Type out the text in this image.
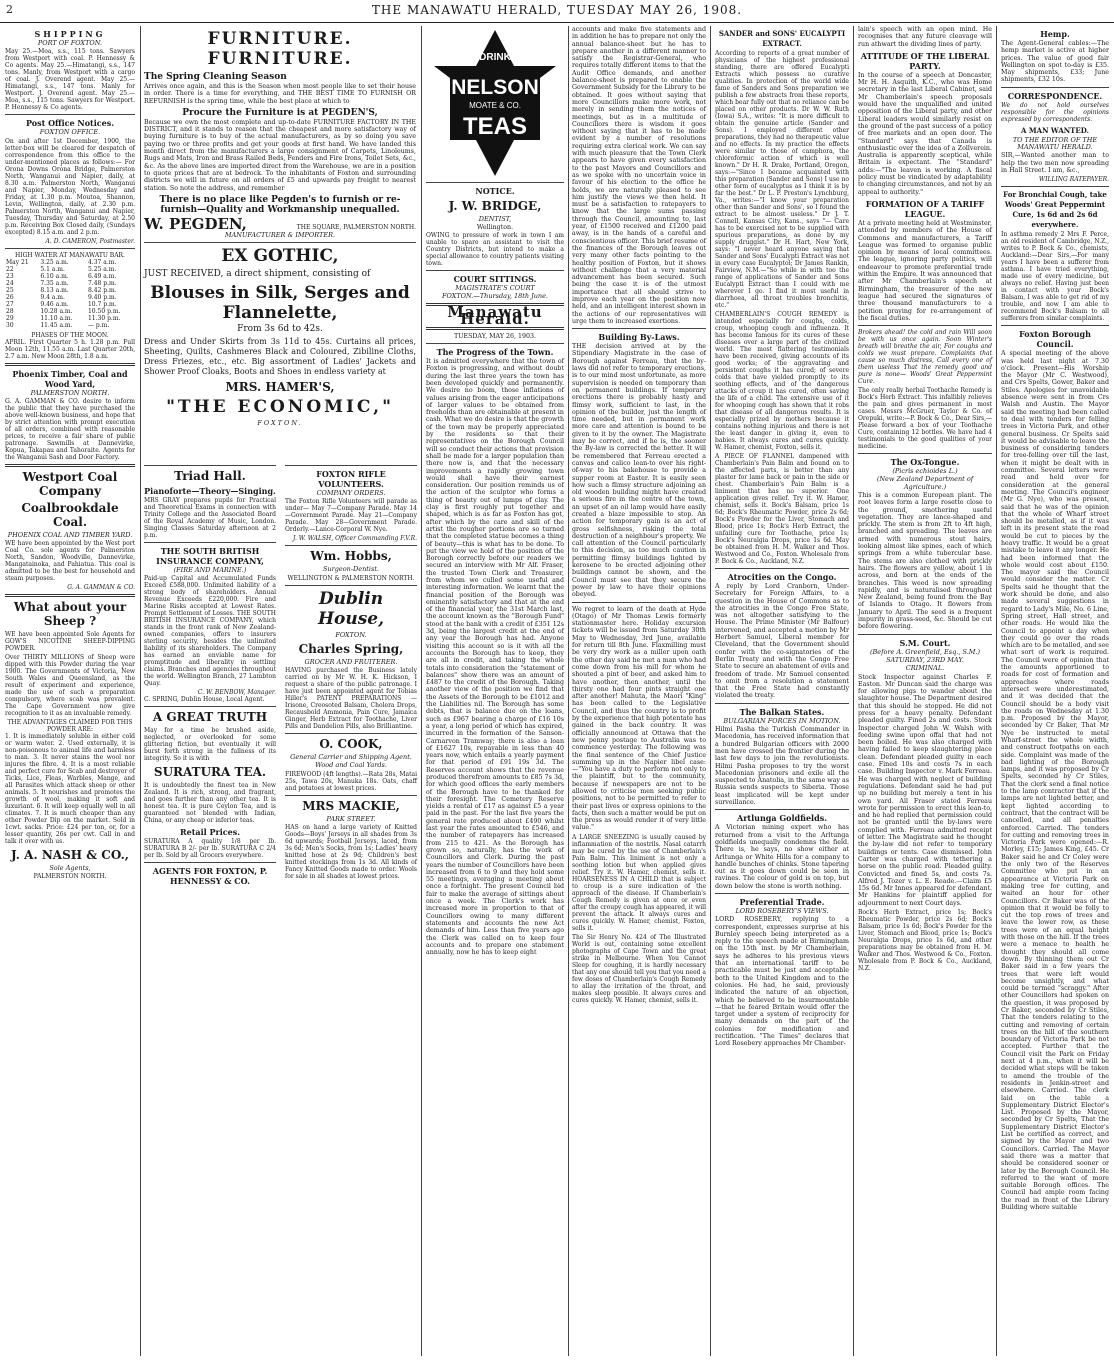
2	THE MANAWATU HERALD, TUESDAY MAY 26, 1908.
SHIPPING
PORT OF FOXTON.
May 25.—Moa, s.s., 115 tons. Sawyers from Westport with coal. P. Hennessy & Co agents. May 25.—Himatangi, s.s., 147 tons. Manly, from Westport with a cargo of coal. J. Overend agent. May 25.—Himatangi, s.s., 147 tons. Manly for Westport. J. Overend agent. May 25.—Moa, s.s., 115 tons. Sawyers for Westport. P. Hennessy & Co agents.
Post Office Notices.
FOXTON OFFICE.
On and after 1st December, 1900, the letter-box will be cleared for despatch of correspondence from this office to the under-mentioned places as follows:— For Orona Downs Orona Bridge, Palmerston North, Wanganui and Napier, daily, at 8.30 a.m. Palmerston North, Wanganui and Napier, Monday, Wednesday and Friday, at 1.30 p.m. Moutoa, Shannon, Levin, Wellington, daily, at 2.30 p.m. Palmerston North, Wanganui and Napier, Tuesday, Thursday and Saturday, at 2.50 p.m. Receiving Box Closed daily, (Sundays excepted) 8.15 a.m. and 2 p.m.
A. D. CAMERON, Postmaster.
HIGH WATER AT MANAWATU BAR.
May 21	3.25 a.m.	4.37 a.m.
22	5.1 a.m.	5.25 a.m.
23	6.10 a.m.	6.49 a.m.
24	7.35 a.m.	7.48 p.m.
25	8.13 a.m.	8.42 p.m.
26	9.4 a.m.	9.40 p.m.
27	9.46 a.m.	10.7 p.m.
28	10.28 a.m.	10.50 p.m.
29	11.10 a.m.	11.30 p.m.
30	11.45 a.m.	— p.m.
PHASES OF THE MOON.
APRIL. First Quarter 5 h. 1.28 p.m. Full Moon 12th, 11.55 a.m. Last Quarter 20th, 2.7 a.m. New Moon 28th, 1.8 a.m.
Phoenix Timber, Coal and Wood Yard,
PALMERSTON NORTH.
G. A. GAMMAN & CO. desire to inform the public that they have purchased the above well-known business, and hope that by strict attention with prompt execution of all orders, combined with reasonable prices, to receive a fair share of public patronage. Sawmills at Dannevirke, Kopua, Takapau and Tahoraite. Agents for the Wanganui Sash and Door Factory.
Westport Coal Company
Coalbrookdale Coal.
PHOENIX COAL AND TIMBER YARD.
WE have been appointed by the West port Coal Co. sole agents for Palmerston North, Sandon, Woodville, Dannevirke, Mangatainoka, and Pahiatua. This coal is admitted to be the best for household and steam purposes.
G. A. GAMMAN & CO.
What about your Sheep ?
WE have been appointed Sole Agents for GOW'S NICOTINE SHEEP-DIPPING POWDER.
Over THIRTY MILLIONS of Sheep were dipped with this Powder during the year 1900. The Governments of Victoria, New South Wales and Queensland, as the result of experiment and experience, made the use of such a preparation compulsory, where scab was prevalent. The Cape Government now give recognition to it as an invaluable remedy.
THE ADVANTAGES CLAIMED FOR THIS POWDER ARE:
1. It is immediately soluble in either cold or warm water. 2. Used externally, it is non-poisonous to animal life and harmless to man. 3. It never stains the wool nor injures the fibre. 4. It is a most reliable and perfect cure for Scab and destroyer of Ticks, Lice, Fleas, Warbles, Mange, and all Parasites which attack sheep or other animals. 5. It nourishes and promotes the growth of wool, making it soft and luxuriant. 6. It will keep equally well in all climates. 7. It is much cheaper than any other Powder Dip on the market. Sold in 1cwt. sacks. Price: £24 per ton, or, for a lesser quantity, 26s per cwt. Call in and talk it over with us.
J. A. NASH & CO.,
Sole Agents,
PALMERSTON NORTH.
FURNITURE. FURNITURE.
The Spring Cleaning Season
Arrives once again, and this is the Season when most people like to set their house in order. There is a time for everything, and THE BEST TIME TO FURNISH OR REFURNISH is the spring time, while the best place at which to
Procure the Furniture is at PEGDEN'S,
Because we own the most complete and up-to-date FURNITURE FACTORY IN THE DISTRICT, and it stands to reason that the cheapest and more satisfactory way of buying furniture is to buy of the actual manufacturers, as by so doing you save paying two or three profits and get your goods at first hand. We have landed this month direct from the manufacturers a large consignment of Carpets, Linoleums, Rugs and Mats, Iron and Brass Railed Beds, Fenders and Fire Irons, Toilet Sets, &c., &c. As the above lines are imported direct from the Warehouse, we are in a position to quote prices that are at bedrock. To the inhabitants of Foxton and surrounding districts we will in future on all orders of £5 and upwards pay freight to nearest station. So note the address, and remember
There is no place like Pegden's to furnish or re-furnish—Quality and Workmanship unequalled.
W. PEGDEN,	THE SQUARE, PALMERSTON NORTH.
MANUFACTURER & IMPORTER.
EX GOTHIC,
JUST RECEIVED, a direct shipment, consisting of
Blouses in Silk, Serges and Flannelette,
From 3s 6d to 42s.
Dress and Under Skirts from 3s 11d to 45s. Curtains all prices, Sheeting, Quilts, Cashmeres Black and Coloured, Zibiline Cloths, Dress Friezes, etc., etc. Big assortment of Ladies' Jackets and Shower Proof Cloaks, Boots and Shoes in endless variety at
MRS. HAMER'S,
"THE ECONOMIC,"
FOXTON.
Triad Hall.
Pianoforte—Theory—Singing.
MRS GRAY prepares pupils for Practical and Theoretical Exams in connection with Trinity College and the Associated Board of the Royal Academy of Music, London. Singing Classes Saturday afternoon at 2 p.m.
THE SOUTH BRITISH INSURANCE COMPANY,
(FIRE AND MARINE.)
Paid-up Capital and Accumulated Funds Exceed £588,000. Unlimited liability of a strong body of shareholders. Annual Revenue Exceeds £220,000. Fire and Marine Risks accepted at Lowest Rates. Prompt Settlement of Losses. THE SOUTH BRITISH INSURANCE COMPANY, which stands in the front rank of New Zealand-owned companies, offers to insurers sterling security, besides the unlimited liability of its shareholders. The Company has earned an enviable name for promptitude and liberality in settling claims. Branches and agencies throughout the world. Wellington Branch, 27 Lambton Quay.
C. W. BENBOW, Manager.
C. SPRING, Dublin House, Local Agent.
A GREAT TRUTH
May for a time be brushed aside, neglected, or overlooked for some glittering fiction, but eventually it will burst forth strong in the fullness of its integrity. So it is with
SURATURA TEA.
It is undoubtedly the finest tea in New Zealand. It is rich, strong, and fragrant, and goes further than any other tea. It is honest tea. It is pure Ceylon Tea, and is guaranteed not blended with Indian, China, or any cheap or inferior teas.
Retail Prices.
SURATURA A quality 1/8 per lb. SURATURA B 2/- per lb. SURATURA C 2/4 per lb. Sold by all Grocers everywhere.
AGENTS FOR FOXTON, P. HENNESSY & CO.
FOXTON RIFLE VOLUNTEERS.
COMPANY ORDERS.
The Foxton Rifle Volunteers will parade as under— May 7—Company Parade. May 14—Government Parade. May 21—Company Parade. May 28—Government Parade. Orderly.—Lance-Corporal W. Nye.
J. W. WALSH, Officer Commanding F.V.R.
Wm. Hobbs,
Surgeon-Dentist.
WELLINGTON & PALMERSTON NORTH.
Dublin House,
FOXTON.
Charles Spring,
GROCER AND FRUITERER.
HAVING purchased the Business lately carried on by Mr W. H. K. Hickson, I request a share of the public patronage. I have just been appointed agent for Tobias Hiller's PATENT PREPARATIONS — Irisone, Creosoted Balsam, Cholera Drops, Recausbold Ammonia, Pain Cure, Jamaica Ginger, Herb Extract for Toothache, Liver Pills and Dandelion Pills, also Brilliantine.
O. COOK,
General Carrier and Shipping Agent.
Wood and Coal Yards.
FIREWOOD (4ft lengths).—Rata 28s, Matai 25s, Tawa 20s, Manuka 18s. Oats, chaff and potatoes at lowest prices.
MRS MACKIE,
PARK STREET.
HAS on hand a large variety of Knitted Goods—Boys' Jerseys in all shades from 3s 6d upwards; Football Jerseys, laced, from 3s 6d; Men's Socks, from 1s; Ladies' heavy knitted hose at 2s 9d; Children's best knitted stockings from 1s 3d. All kinds of Fancy Knitted Goods made to order. Wools for sale in all shades at lowest prices.
DRINK
NELSON
MOATE & CO.
TEAS
NOTICE.
J. W. BRIDGE,
DENTIST,
Wellington.
OWING to pressure of work in town I am unable to spare an assistant to visit the Country Districts, but intend to make a special allowance to country patients visiting town.
COURT SITTINGS.
MAGISTRATE'S COURT
FOXTON.—Thursday, 18th June.
Manawatu Herald.
TUESDAY, MAY 26, 1903.
The Progress of the Town.
It is admitted everywhere that the town of Foxton is progressing, and without doubt during the last three years the town has been developed quickly and permanently. We desire no boom, those inflations of values arising from the eager anticipations of larger values to be obtained from freeholds than are obtainable at present in cash. What we do desire is that the growth of the town may be properly appreciated by the residents so that their representatives on the Borough Council will so conduct their actions that provision shall be made for a larger population than there now is, and that the necessary improvements a rapidly growing town would shall have their earnest consideration. Our position reminds us of the action of the sculptor who forms a thing of beauty out of lumps of clay. The clay is first roughly put together and shaped, which is as far as Foxton has got, after which by the care and skill of the artist the rougher portions are so turned that the completed statue becomes a thing of beauty—this is what has to be done. To put the view we hold of the position of the Borough correctly before our readers we secured an interview with Mr Alf. Fraser, the trusted Town Clerk and Treasurer, from whom we culled some useful and interesting information. We learnt that the financial position of the Borough was eminently satisfactory and that at the end of the financial year, the 31st March last, the account known as the "Borough Fund" stood at the bank with a credit of £351 12s 3d, being the largest credit at the end of any year the Borough has had. Anyone visiting this account so is it with all the accounts the Borough has to keep, they are all in credit, and taking the whole totals into consideration the "statement of balances" show there was an amount of £487 to the credit of the Borough. Taking another view of the position we find that the Assets of the Borough to be £1012 and the Liabilities nil. The Borough has some debts, that is balance due on the loans, such as £967 bearing a charge of £16 10s a year, a long period of which has expired, incurred in the formation of the Sanson-Carnarvon Tramway; there is also a loan of £1627 10s, repayable in less than 40 years now, which entails a yearly payment for that period of £91 19s 3d. The Reserves account shows that the revenue produced therefrom amounts to £85 7s 3d, for which good offices the early members of the Borough have to be thanked for their foresight. The Cemetery Reserve yields a rental of £17 as against £5 a year paid in the past. For the last five years the general rate produced about £490 whilst last year the rates amounted to £546, and the number of ratepayers has increased from 215 to 421. As the Borough has grown so, naturally, has the work of Councillors and Clerk. During the past years the number of Councillors have been increased from 6 to 9 and they hold some 55 meetings, averaging a meeting about once a fortnight. The present Council bid fair to make the average of sittings about once a week. The Clerk's work has increased more in proportion to that of Councillors owing to many different statements and accounts the new Act demands of him. Less than five years ago the Clerk was called on to keep four accounts and to prepare one statement annually, now he has to keep eight
accounts and make five statements and in addition he has to prepare not only the annual balance-sheet but he has to prepare another in a different manner to satisfy the Registrar-General, who requires totally different items to that the Audit Office demands, and another balance-sheet is prepared to enable the Government Subsidy for the Library to be obtained. It goes without saying that more Councillors make more work, not merely in sending them the notices of meetings, but as in a multitude of Councillors there is wisdom it goes without saying that it has to be made evident by a number of resolutions requiring extra clerical work. We can say with much pleasure that the Town Clerk appears to have given every satisfaction to the past Mayors and Councillors and as we spoke with no uncertain voice in favour of his election to the office he holds, we are naturally pleased to see him justify the views we then held. It must be a satisfaction to ratepayers to know that the large sums passing through the Council, amounting to, last year, of £1500 received and £1200 paid away, is in the hands of a careful and conscientious officer. This brief resume of the finances of the Borough leaves out very many other facts pointing to the healthy position of Foxton, but it shows without challenge that a very material advancement has been secured. Such being the case it is of the utmost importance that all should strive to improve each year on the position now held, and an intelligent interest shown in the actions of our representatives will urge them to increased exertions.
Building By-Laws.
THE decision arrived at by the Stipendiary Magistrate in the case of Borough against Ferreau, that the by-laws did not refer to temporary erections, is to our mind most unfortunate, as more supervision is needed on temporary than on permanent buildings. If temporary erections there is probably hasty and flimsy work, sufficient to last, in the opinion of the builder, just the length of time needed, but in permanent work more care and attention is bound to be given to it by the owner. The Magistrate may be correct, and if he is, the sooner the By-law is corrected the better. It will be remembered that Ferreau erected a canvas and calico lean-to over his right-of-way to his bakehouse to provide a supper room at Easter. It is easily seen how such a flimsy structure adjoining an old wooden building might have created a serious fire in the centre of the town, an upset of an oil lamp would have easily created a blaze impossible to stop. An action for temporary gain is an act of gross selfishness, risking the total destruction of a neighbour's property. We call attention of the Council particularly to this decision, as too much caution in permitting flimsy buildings lighted by kerosene to be erected adjoining other buildings cannot be shown, and the Council must see that they secure the power by law to have their opinions obeyed.
We regret to learn of the death at Hyde (Otago) of Mr Thomas Lewis formerly stationmaster here. Holiday excursion tickets will be issued from Saturday 30th May to Wednesday, 3rd June, available for return till 8th June. Flaxmilling must be very dry work as a miller upon oath the other day said he met a man who had come down from his mill for whom he shouted a pint of beer, and asked him to have another, then another, until the thirsty one had four pints straight one after another! Mahuta, the Maori "King" has been called to the Legislative Council, and thus the country is to profit by the experience that high potentate has gained in the back country. It was officially announced at Ottawa that the new penny postage to Australia was to commence yesterday. The following was the final sentence of the Chief Justice summing up in the Napier libel case:—"You have a duty to perform not only to the plaintiff, but to the community, because if newspapers are not to be allowed to criticise men seeking public positions, not to be permitted to refer to their past lives or express opinions to the facts, then such a matter would be put on the press as would render it of very little value."
A LARGE SNEEZING is usually caused by inflammation of the nostrils. Nasal catarrh may be cured by the use of Chamberlain's Pain Balm. This liniment is not only a soothing lotion but when applied gives relief. Try it. W. Hamer, chemist, sells it. HOARSENESS IN A CHILD that is subject to croup is a sure indication of the approach of the disease. If Chamberlain's Cough Remedy is given at once or even after the croupy cough has appeared, it will prevent the attack. It always cures and cures quickly. W. Hamer, chemist, Foxton, sells it.
The Sir Henry No. 424 of The Illustrated World is out, containing some excellent photographs of Cape Town and the great strike in Melbourne. When You Cannot Sleep for coughing, it is hardly necessary that any one should tell you that you need a few doses of Chamberlain's Cough Remedy to allay the irritation of the throat, and makes sleep possible. It always cures and cures quickly. W. Hamer, chemist, sells it.
SANDER and SONS' EUCALYPTI EXTRACT.
According to reports of a great number of physicians of the highest professional standing, there are offered Eucalypti Extracts which possess no curative qualities. In protection of the world wide fame of Sanders and Sons preparation we publish a few abstracts from these reports, which bear fully out that no reliance can be placed on other products. Dr W. W. Ruth (Iowa) S.A., writes: "It is more difficult to obtain the genuine article (Sander and Sons). I employed different other preparations, they had no therapeutic value and no effects. In my practice the effects were similar to those of camphora, the chloroformic action of which is well known." Dr H. R. Drake, Portland, Oregon, says:—"Since I became acquainted with this preparation (Sander and Sons) I use no other form of eucalyptus as I think it is by far the best." Dr L. P. Preston's Lynchburg, Va., writes:—"I know your preparation other than Sander and Sons', so I found the extract to be almost useless." Dr J. T. Connell, Kansas City, Kans., says "— Care has to be exercised not to be supplied with spurious preparations, as done by my supply druggist." Dr H. Hart, New York, says: "I never heard anyone saying that Sander and Sons' Eucalypti Extract was not in every case Eucalyptol; Dr James Rankin, Fairview, N.M.—"So while in with too the range of applications of Sander and Sons Eucalypti Extract than I could with me wherever I go. I find it most useful in diarrhoea, all throat troubles bronchitis, etc."
CHAMBERLAIN'S COUGH REMEDY is intended especially for coughs, colds, croup, whooping cough and influenza. It has become famous for its cures of these diseases over a large part of the civilized world. The most flattering testimonials have been received, giving accounts of its good works; of the aggravating and persistent coughs it has cured; of severe colds that have yielded promptly to its soothing effects, and of the dangerous attacks of croup it has cured, often saving the life of a child. The extensive use of it for whooping cough has shown that it robs that disease of all dangerous results. It is especially prized by mothers because it contains nothing injurious and there is not the least danger in giving it, even to babies. It always cures and cures quickly. W. Hamer, chemist, Foxton, sells it.
A PIECE OF FLANNEL dampened with Chamberlain's Pain Balm and bound on to the affected parts, is better than any plaster for lame back or pain in the side or chest. Chamberlain's Pain Balm is a liniment that has no superior. One application gives relief. Try it. W. Hamer, chemist, sells it. Bock's Balsam, price 1s 6d; Bock's Rheumatic Powder, price 2s 6d; Bock's Powder for the Liver, Stomach and Blood, price 1s; Bock's Herb Extract, the unfailing cure for Toothache, price 1s; Bock's Neuralgia Drops, price 1s 6d. May be obtained from H. M. Walker and Thos. Westwood and Co., Foxton. Wholesale from P. Bock & Co., Auckland, N.Z.
Atrocities on the Congo.
A reply by Lord Cranborn, Under-Secretary for Foreign Affairs, to a question in the House of Commons as to the atrocities in the Congo Free State, was not altogether satisfying to the House. The Prime Minister (Mr Balfour) intervened, and accepted a motion by Mr Herbert Samuel, Liberal member for Cleveland, that the Government should confer with the co-signatories of the Berlin Treaty and with the Congo Free State to secure an abatement of evils and freedom of trade. Mr Samuel consented to omit from a resolution a statement that the Free State had constantly violated the treaty.
The Balkan States.
BULGARIAN FORCES IN MOTION.
Hilmi Pasha the Turkish Commander in Macedonia, has received information that a hundred Bulgarian officers with 2000 men have crossed the frontier during the last few days to join the revolutionists. Hilmi Pasha proposes to try the worst Macedonian prisoners and exile all the suspected to Anatolia, in the same way as Russia sends suspects to Siberia. Those least implicated will be kept under surveillance.
Artlunga Goldfields.
A Victorian mining expert who has returned from a visit to the Arltunga goldfields unequally condemns the field. There is, he says, no show either at Arltunga or White Hills for a company to handle bunches of chinks. Stone tapering out as it goes down could be seen in ravines. The colour of gold is on top, but down below the stone is worth nothing.
Preferential Trade.
LORD ROSEBERY'S VIEWS.
LORD ROSEBERY, replying to a correspondent, expresses surprise at his Burnley speech being interpreted as a reply to the speech made at Birmingham on the 15th inst. by Mr Chamberlain, says he adheres to his previous views that an international tariff to be practicable must be just and acceptable both to the United Kingdom and to the colonies. He had, he said, previously indicated the nature of an objection, which he believed to be insurmountable—that he feared Britain would offer the target under a system of reciprocity for many demands on the part of the colonies for modification and rectification. "The Times" declares that Lord Rosebery approaches Mr Chamber-
lain's speech with an open mind. He recognises that any future cleavage will run athwart the dividing lines of party.
ATTITUDE OF THE LIBERAL PARTY.
In the course of a speech at Doncaster, Mr H. H. Asquith, K.C., who was Home secretary in the last Liberal Cabinet, said Mr Chamberlain's speech proposals would have the unqualified and united opposition of the Liberal party, and other Liberal leaders would similarly resist on the ground of the past success of a policy of free markets and an open door. The "Standard" says that Canada is enthusiastic over the idea of a Zollverein. Australia is apparently sceptical, while Britain is expectant. The "Standard" adds:—"The leaven is working. A fiscal policy must be vindicated by adaptability to changing circumstances, and not by an appeal to authority."
FORMATION OF A TARIFF LEAGUE.
At a private meeting held at Westminster, attended by members of the House of Commons and manufacturers, a Tariff League was formed to organise public opinion by means of local committees. The league, ignoring party politics, will endeavour to promote preferential trade within the Empire. It was announced that after Mr Chamberlain's speech at Birmingham, the treasurer of the new league had secured the signatures of three thousand manufacturers to a petition praying for re-arrangement of the fiscal duties.
Brokers ahead! the cold and rain Will soon be with us once again. Soon Winter's breath will breathe the air, For coughs and colds we must prepare. Complaints that cause so much distress, Call every one of them useless That the remedy good and pure is none— Woods' Great Peppermint Cure.
The only really herbal Toothache Remedy is Bock's Herb Extract. This infallibly relieves the pain and gives permanent in most cases. Messrs McGruer, Taylor & Co. of Orepuki, write:—P. Bock & Co., Dear Sirs,—Please forward a box of your Toothache Cure, containing 12 bottles. We have had 4 testimonials to the good qualities of your medicine.
The Ox-Tongue.
(Picris echioides L.)
(New Zealand Department of Agriculture.)
This is a common European plant. The root leaves form a large rosette close to the ground, smothering useful vegetation. They are lance-shaped and prickly. The stem is from 2ft to 4ft high, branched and spreading. The leaves are armed with numerous stout hairs, looking almost like spines, each of which springs from a white tubercular base. The stems are also clothed with prickly hairs. The flowers are yellow, about 1 in across, and born at the ends of the branches. This weed is now spreading rapidly, and is naturalised throughout New Zealand, being found from the Bay of Islands to Otago. It flowers from January to April. The seed is a frequent impurity in grass-seed, &c. Should be cut before flowering.
S.M. Court.
(Before A. Greenfield, Esq., S.M.)
SATURDAY, 23RD MAY.
CRIMINAL.
Stock Inspector against Charles F. Easton. Mr Duncan said the charge was for allowing pigs to wander about the slaughter house. The Department desired that this should be stopped. He did not press for a heavy penalty. Defendant pleaded guilty. Fined 2s and costs. Stock Inspector charged John W. Walsh with feeding swine upon offal that had not been boiled. He was also charged with having failed to keep slaughtering place clean. Defendant pleaded guilty in each case. Fined 10s and costs 7s in each case. Building Inspector v. Mark Ferreau. He was charged with neglect of building regulations. Defendant said he had put up no building but merely a tent in his own yard. All Fraser stated Ferreau wrote for permission to erect this lean-to, and he had replied that permission could not be granted until the by-laws were complied with. Ferreau admitted receipt of letter. The Magistrate said he thought the by-law did not refer to temporary buildings or tents. Case dismissed. John Carter was charged with tethering a horse on the public road. Pleaded guilty. Convicted and fined 5s, and costs 7s. Alfred J. Tozer v. L. E. Reade.—Claim £5 15s 6d. Mr Innes appeared for defendant. Mr Hankins for plaintiff applied for adjournment to next Court days.
Bock's Herb Extract, price 1s; Bock's Rheumatic Powder, price 2s 6d; Bock's Balsam, price 1s 6d; Bock's Powder for the Liver, Stomach and Blood, price 1s; Bock's Neuralgia Drops, price 1s 6d, and other preparations may be obtained from H. M. Walker and Thos. Westwood & Co., Foxton. Wholesale from P. Bock & Co., Auckland, N.Z.
Hemp.
The Agent-General cables:—The hemp market is active at higher prices. The value of good fair Wellington on spot to-day is £35. May shipments, £33; June shipments, £32 10s.
CORRESPONDENCE.
We do not hold ourselves responsible for the opinions expressed by correspondents.
A MAN WANTED.
TO THE EDITOR OF THE MANAWATU HERALD.
SIR,—Wanted another man to help the two men now spreading in Hall Street. I am, &c.,
WILLING RATEPAYER.
For Bronchial Cough, take Woods' Great Peppermint Cure, 1s 6d and 2s 6d everywhere.
In asthma remedy 2 Mrs F. Perce, an old resident of Cambridge, N.Z., writes to P. Bock & Co., chemists, Auckland:—Dear Sirs,—For many years I have been a sufferer from asthma. I have tried everything, made use of every medicine, but always no relief. Having just been in contact with your Bock's Balsam, I was able to get rid of my trouble, and now I am able to recommend Bock's Balsam to all sufferers from similar complaints.
Foxton Borough Council.
A special meeting of the above was held last night at 7.30 o'clock. Present—His Worship the Mayor (Mr C. Westwood), and Crs Spelts, Gower, Baker and Stiles. Apologies for unavoidable absence were sent in from Crs Walsh and Austin. The Mayor said the meeting had been called to deal with tenders for felling trees in Victoria Park, and other general business. Cr Spelts said it would be advisable to leave the business of considering tenders for tree-felling over till the last, when it might be dealt with in committee. Several letters were read and held over for consideration at the general meeting. The Council's engineer (Mr G. Nye), who was present, said that he was of the opinion that the whole of Wharf street should be metalled, as if it was left in its present state the road would be cut to pieces by the heavy traffic. It would be a great mistake to leave it any longer. He had been informed that the whole would cost about £150. The mayor said the Council would consider the matter. Cr Spelts said he thought that the work should be done, and also made several suggestions in regard to Lady's Mile, No. 6 Line, Spring street, Hall street, and other roads. He would like the Council to appoint a day when they could go over the roads which are to be metalled, and see what sort of work is required. The Council were of opinion that the amounts apportioned to roads for cost of formation and approaches where roads intersect were underestimated, and it was decided that the Council should be a body visit the roads on Wednesday at 1.30 p.m. Proposed by the Mayor, seconded by Cr Baker, That Mr Nye be instructed to metal Wharf-street the whole width, and construct footpaths on each side. Complaint was made of the bad lighting of the Borough lamps, and it was proposed by Cr Spelts, seconded by Cr Stiles, That the clerk send a final notice to the lamp contractor that if the lamps are not lighted better, and kept lighted according to contract, that the contract will be cancelled, and all penalties enforced. Carried. The tenders for cutting and removing trees in Victoria Park were opened:—R. Morley, £15; James King, £45. Cr Baker said he and Cr Coley were the only two of the Reserves Committee who put in an appearance at Victoria Park on making tree for cutting, and waited an hour for other Councillors. Cr Baker was of the opinion that it would be folly to cut the top rows of trees and leave the lower row, as these trees were of an equal height with those on the hill. If the trees were a menace to health he thought they should all come down. By thinning them out Cr Baker said in a few years the trees that were left would become unsightly, and what could be termed "scraggy." After other Councillors had spoken on the question, it was proposed by Cr Baker, seconded by Cr Stiles, That the tenders relating to the cutting and removing of certain trees on the hill of the southern boundary of Victoria Park be not accepted. Further that the Council visit the Park on Friday next at 4 p.m., when it will be decided what steps will be taken to amend the trouble of the residents in Jenkin-street and elsewhere. Carried. The clerk laid on the table a Supplementary District Elector's List. Proposed by the Mayor, seconded by Cr Spelts, That the Supplementary District Elector's List be certified as correct, and signed by the Mayor and two Councillors. Carried. The Mayor said there was a matter that should be considered sooner or later by the Borough Council. He referred to the want of more suitable Borough offices. The Council had ample room facing the road in front of the Library Building where suitable
